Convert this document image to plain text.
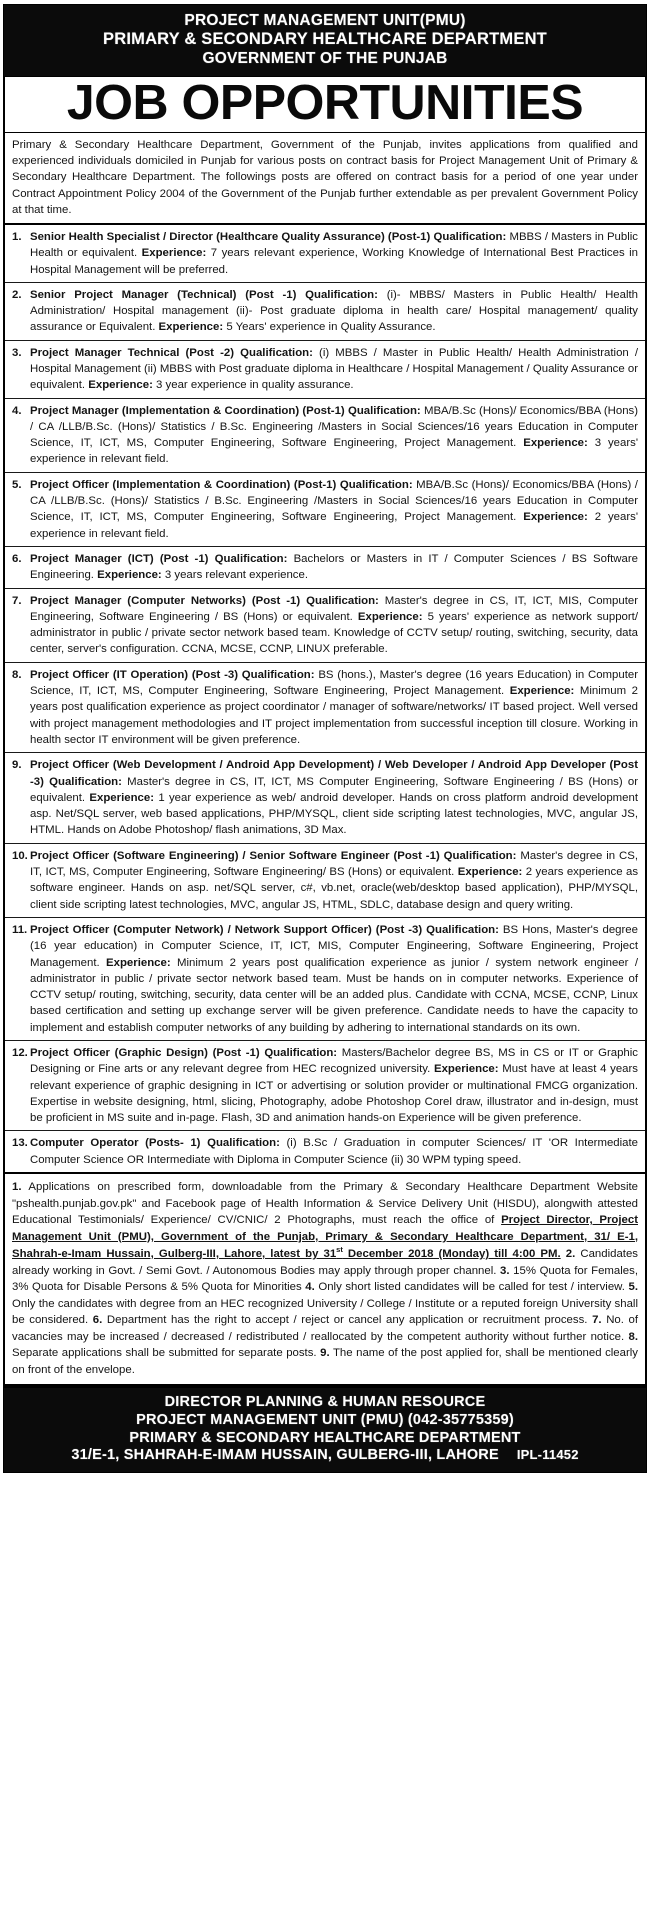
PROJECT MANAGEMENT UNIT(PMU)
PRIMARY & SECONDARY HEALTHCARE DEPARTMENT
GOVERNMENT OF THE PUNJAB
JOB OPPORTUNITIES
Primary & Secondary Healthcare Department, Government of the Punjab, invites applications from qualified and experienced individuals domiciled in Punjab for various posts on contract basis for Project Management Unit of Primary & Secondary Healthcare Department. The followings posts are offered on contract basis for a period of one year under Contract Appointment Policy 2004 of the Government of the Punjab further extendable as per prevalent Government Policy at that time.
1. Senior Health Specialist / Director (Healthcare Quality Assurance) (Post-1) Qualification: MBBS / Masters in Public Health or equivalent. Experience: 7 years relevant experience, Working Knowledge of International Best Practices in Hospital Management will be preferred.
2. Senior Project Manager (Technical) (Post -1) Qualification: (i)- MBBS/ Masters in Public Health/ Health Administration/ Hospital management (ii)- Post graduate diploma in health care/ Hospital management/ quality assurance or Equivalent. Experience: 5 Years' experience in Quality Assurance.
3. Project Manager Technical (Post -2) Qualification: (i) MBBS / Master in Public Health/ Health Administration / Hospital Management (ii) MBBS with Post graduate diploma in Healthcare / Hospital Management / Quality Assurance or equivalent. Experience: 3 year experience in quality assurance.
4. Project Manager (Implementation & Coordination) (Post-1) Qualification: MBA/B.Sc (Hons)/ Economics/BBA (Hons) / CA /LLB/B.Sc. (Hons)/ Statistics / B.Sc. Engineering /Masters in Social Sciences/16 years Education in Computer Science, IT, ICT, MS, Computer Engineering, Software Engineering, Project Management. Experience: 3 years' experience in relevant field.
5. Project Officer (Implementation & Coordination) (Post-1) Qualification: MBA/B.Sc (Hons)/ Economics/BBA (Hons) / CA /LLB/B.Sc. (Hons)/ Statistics / B.Sc. Engineering /Masters in Social Sciences/16 years Education in Computer Science, IT, ICT, MS, Computer Engineering, Software Engineering, Project Management. Experience: 2 years' experience in relevant field.
6. Project Manager (ICT) (Post -1) Qualification: Bachelors or Masters in IT / Computer Sciences / BS Software Engineering. Experience: 3 years relevant experience.
7. Project Manager (Computer Networks) (Post -1) Qualification: Master's degree in CS, IT, ICT, MIS, Computer Engineering, Software Engineering / BS (Hons) or equivalent. Experience: 5 years' experience as network support/ administrator in public / private sector network based team. Knowledge of CCTV setup/ routing, switching, security, data center, server's configuration. CCNA, MCSE, CCNP, LINUX preferable.
8. Project Officer (IT Operation) (Post -3) Qualification: BS (hons.), Master's degree (16 years Education) in Computer Science, IT, ICT, MS, Computer Engineering, Software Engineering, Project Management. Experience: Minimum 2 years post qualification experience as project coordinator / manager of software/networks/ IT based project. Well versed with project management methodologies and IT project implementation from successful inception till closure. Working in health sector IT environment will be given preference.
9. Project Officer (Web Development / Android App Development) / Web Developer / Android App Developer (Post -3) Qualification: Master's degree in CS, IT, ICT, MS Computer Engineering, Software Engineering / BS (Hons) or equivalent. Experience: 1 year experience as web/ android developer. Hands on cross platform android development asp. Net/SQL server, web based applications, PHP/MYSQL, client side scripting latest technologies, MVC, angular JS, HTML. Hands on Adobe Photoshop/ flash animations, 3D Max.
10. Project Officer (Software Engineering) / Senior Software Engineer (Post -1) Qualification: Master's degree in CS, IT, ICT, MS, Computer Engineering, Software Engineering/ BS (Hons) or equivalent. Experience: 2 years experience as software engineer. Hands on asp. net/SQL server, c#, vb.net, oracle(web/desktop based application), PHP/MYSQL, client side scripting latest technologies, MVC, angular JS, HTML, SDLC, database design and query writing.
11. Project Officer (Computer Network) / Network Support Officer) (Post -3) Qualification: BS Hons, Master's degree (16 year education) in Computer Science, IT, ICT, MIS, Computer Engineering, Software Engineering, Project Management. Experience: Minimum 2 years post qualification experience as junior / system network engineer / administrator in public / private sector network based team. Must be hands on in computer networks. Experience of CCTV setup/ routing, switching, security, data center will be an added plus. Candidate with CCNA, MCSE, CCNP, Linux based certification and setting up exchange server will be given preference. Candidate needs to have the capacity to implement and establish computer networks of any building by adhering to international standards on its own.
12. Project Officer (Graphic Design) (Post -1) Qualification: Masters/Bachelor degree BS, MS in CS or IT or Graphic Designing or Fine arts or any relevant degree from HEC recognized university. Experience: Must have at least 4 years relevant experience of graphic designing in ICT or advertising or solution provider or multinational FMCG organization. Expertise in website designing, html, slicing, Photography, adobe Photoshop Corel draw, illustrator and in-design, must be proficient in MS suite and in-page. Flash, 3D and animation hands-on Experience will be given preference.
13. Computer Operator (Posts- 1) Qualification: (i) B.Sc / Graduation in computer Sciences/ IT 'OR Intermediate Computer Science OR Intermediate with Diploma in Computer Science (ii) 30 WPM typing speed.
1. Applications on prescribed form, downloadable from the Primary & Secondary Healthcare Department Website "pshealth.punjab.gov.pk" and Facebook page of Health Information & Service Delivery Unit (HISDU), alongwith attested Educational Testimonials/ Experience/ CV/CNIC/ 2 Photographs, must reach the office of Project Director, Project Management Unit (PMU), Government of the Punjab, Primary & Secondary Healthcare Department, 31/ E-1, Shahrah-e-Imam Hussain, Gulberg-III, Lahore, latest by 31st December 2018 (Monday) till 4:00 PM. 2. Candidates already working in Govt. / Semi Govt. / Autonomous Bodies may apply through proper channel. 3. 15% Quota for Females, 3% Quota for Disable Persons & 5% Quota for Minorities 4. Only short listed candidates will be called for test / interview. 5. Only the candidates with degree from an HEC recognized University / College / Institute or a reputed foreign University shall be considered. 6. Department has the right to accept / reject or cancel any application or recruitment process. 7. No. of vacancies may be increased / decreased / redistributed / reallocated by the competent authority without further notice. 8. Separate applications shall be submitted for separate posts. 9. The name of the post applied for, shall be mentioned clearly on front of the envelope.
DIRECTOR PLANNING & HUMAN RESOURCE
PROJECT MANAGEMENT UNIT (PMU) (042-35775359)
PRIMARY & SECONDARY HEALTHCARE DEPARTMENT
31/E-1, SHAHRAH-E-IMAM HUSSAIN, GULBERG-III, LAHORE IPL-11452
